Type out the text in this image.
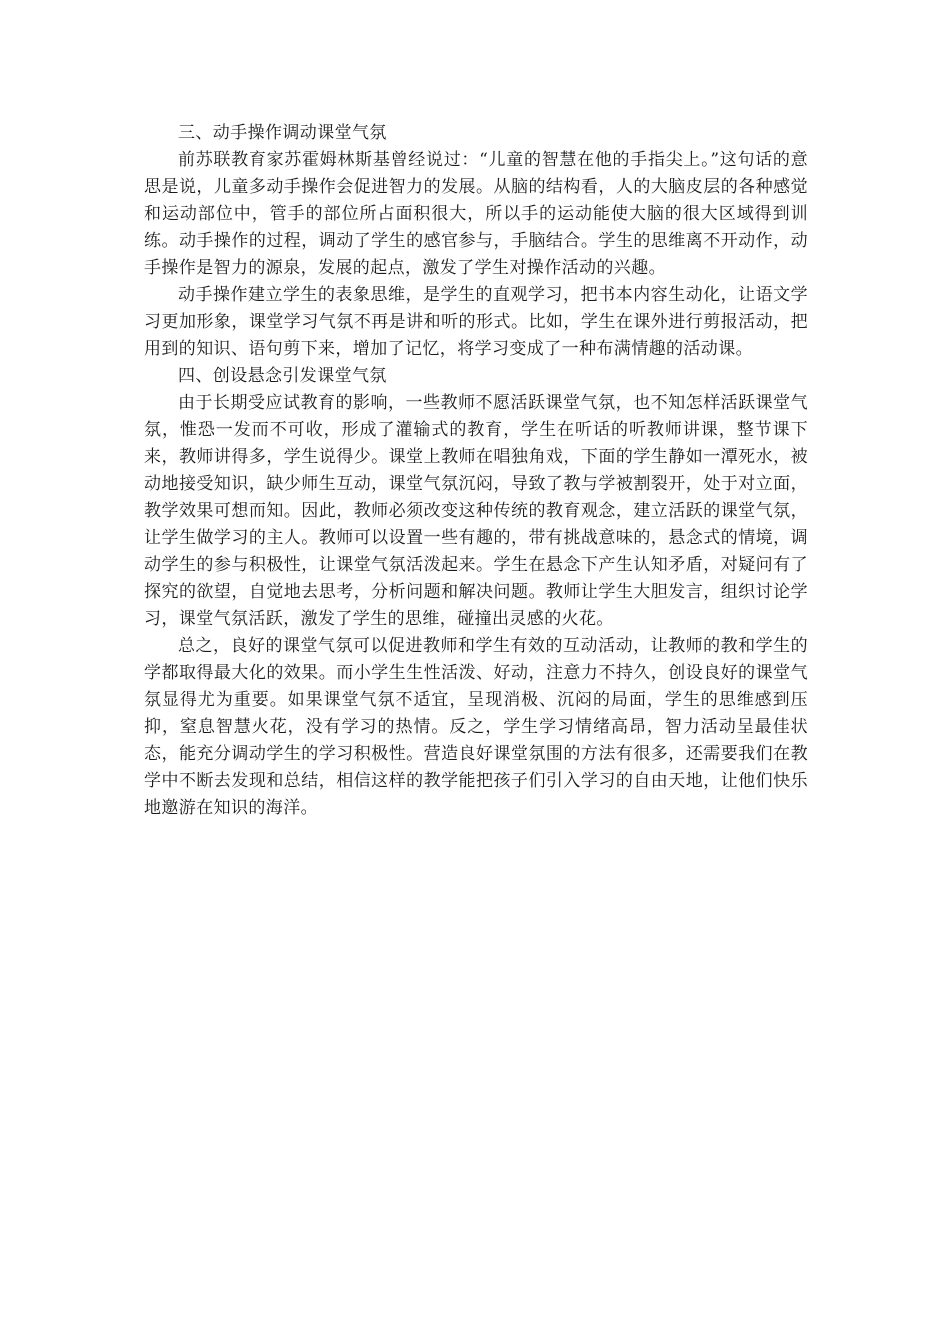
三、动手操作调动课堂气氛

前苏联教育家苏霍姆林斯基曾经说过：“儿童的智慧在他的手指尖上。”这句话的意思是说，儿童多动手操作会促进智力的发展。从脑的结构看，人的大脑皮层的各种感觉和运动部位中，管手的部位所占面积很大，所以手的运动能使大脑的很大区域得到训练。动手操作的过程，调动了学生的感官参与，手脑结合。学生的思维离不开动作，动手操作是智力的源泉，发展的起点，激发了学生对操作活动的兴趣。

动手操作建立学生的表象思维，是学生的直观学习，把书本内容生动化，让语文学习更加形象，课堂学习气氛不再是讲和听的形式。比如，学生在课外进行剪报活动，把用到的知识、语句剪下来，增加了记忆，将学习变成了一种布满情趣的活动课。

四、创设悬念引发课堂气氛

由于长期受应试教育的影响，一些教师不愿活跃课堂气氛，也不知怎样活跃课堂气氛，惟恐一发而不可收，形成了灌输式的教育，学生在听话的听教师讲课，整节课下来，教师讲得多，学生说得少。课堂上教师在唱独角戏，下面的学生静如一潭死水，被动地接受知识，缺少师生互动，课堂气氛沉闷，导致了教与学被割裂开，处于对立面，教学效果可想而知。因此，教师必须改变这种传统的教育观念，建立活跃的课堂气氛，让学生做学习的主人。教师可以设置一些有趣的，带有挑战意味的，悬念式的情境，调动学生的参与积极性，让课堂气氛活泼起来。学生在悬念下产生认知矛盾，对疑问有了探究的欲望，自觉地去思考，分析问题和解决问题。教师让学生大胆发言，组织讨论学习，课堂气氛活跃，激发了学生的思维，碰撞出灵感的火花。

总之，良好的课堂气氛可以促进教师和学生有效的互动活动，让教师的教和学生的学都取得最大化的效果。而小学生生性活泼、好动，注意力不持久，创设良好的课堂气氛显得尤为重要。如果课堂气氛不适宜，呈现消极、沉闷的局面，学生的思维感到压抑，窒息智慧火花，没有学习的热情。反之，学生学习情绪高昂，智力活动呈最佳状态，能充分调动学生的学习积极性。营造良好课堂氛围的方法有很多，还需要我们在教学中不断去发现和总结，相信这样的教学能把孩子们引入学习的自由天地，让他们快乐地邀游在知识的海洋。
